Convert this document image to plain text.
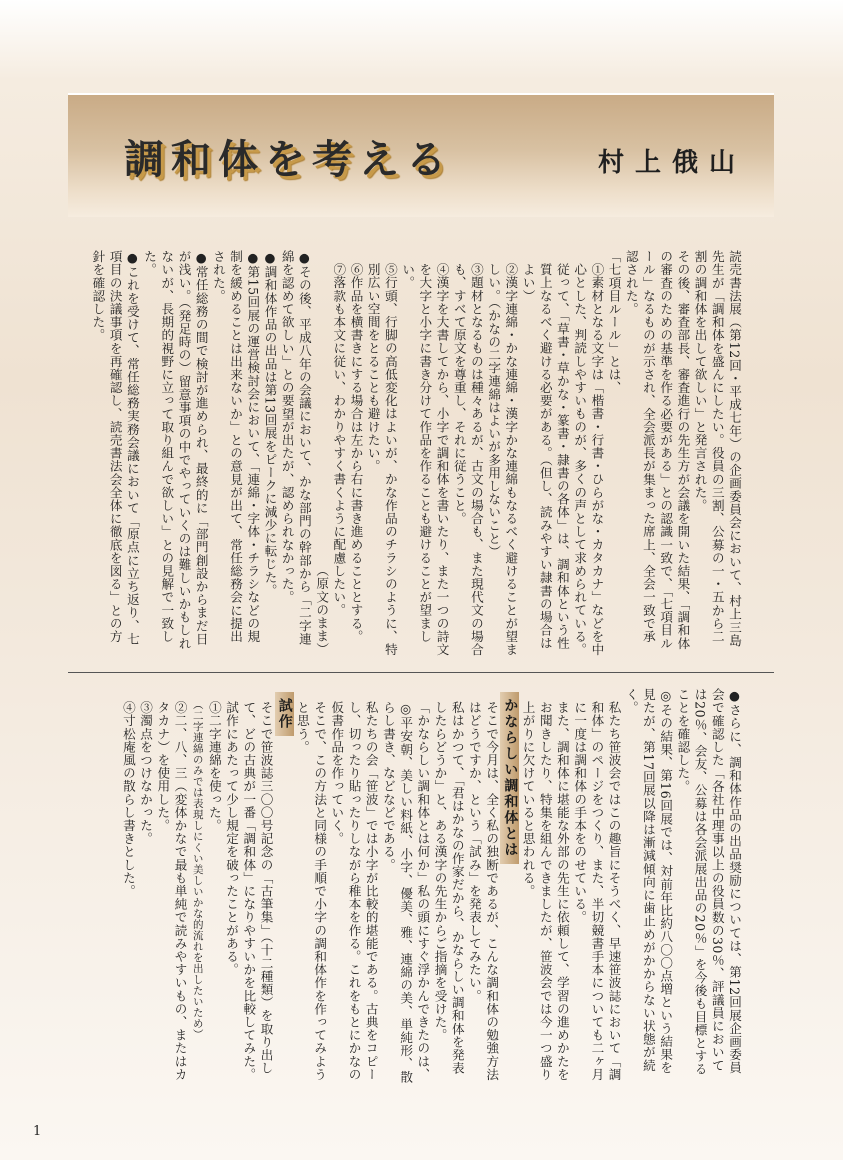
調和体を考える	村上俄山

読売書法展（第12回・平成七年）の企画委員会において、村上三島先生が「調和体を盛んにしたい。役員の三割、公募の一・五から二割の調和体を出して欲しい」と発言された。

その後、審査部長、審査進行の先生方が会議を開いた結果、「調和体の審査のための基準を作る必要がある」との認識一致で、「七項目ルール」なるものが示され、全会派長が集まった席上、全会一致で承認された。

「七項目ルール」とは、

①素材となる文字は「楷書・行書・ひらがな・カタカナ」などを中心とした、判読しやすいものが、多くの声として求められている。従って、「草書・草かな・篆書・隷書の各体」は、調和体という性質上なるべく避ける必要がある。（但し、読みやすい隷書の場合はよい）

②漢字連綿・かな連綿・漢字かな連綿もなるべく避けることが望ましい。（かなの二字連綿はよいが多用しないこと）

③題材となるものは種々あるが、古文の場合も、また現代文の場合も、すべて原文を尊重し、それに従うこと。

④漢字を大書してから、小字で調和体を書いたり、また一つの詩文を大字と小字に書き分けて作品を作ることも避けることが望ましい。

⑤行頭、行脚の高低変化はよいが、かな作品のチラシのように、特別広い空間をとることも避けたい。

⑥作品を横書きにする場合は左から右に書き進めることとする。

⑦落款も本文に従い、わかりやすく書くように配慮したい。

（原文のまま）

●その後、平成八年の会議において、かな部門の幹部から「二字連綿を認めて欲しい」との要望が出たが、認められなかった。

●調和体作品の出品は第13回展をピークに減少に転じた。

●第15回展の運営検討会において、「連綿・字体・チラシなどの規制を緩めることは出来ないか」との意見が出て、常任総務会に提出された。

●常任総務の間で検討が進められ、最終的に「部門創設からまだ日が浅い。（発足時の）留意事項の中でやっていくのは難しいかもしれないが、長期的視野に立って取り組んで欲しい」との見解で一致した。

●これを受けて、常任総務実務会議において「原点に立ち返り、七項目の決議事項を再確認し、読売書法会全体に徹底を図る」との方針を確認した。

●さらに、調和体作品の出品奨励については、第12回展企画委員会で確認した「各社中理事以上の役員数の30％、評議員においては20％、会友、公募は各会派展出品の20％」を今後も目標とすることを確認した。

◎その結果、第16回展では、対前年比約八〇〇点増という結果を見たが、第17回展以降は漸減傾向に歯止めがかからない状態が続く。

私たち笹波会ではこの趣旨にそうべく、早速笹波誌において「調和体」のページをつくり、また、半切競書手本についても二ヶ月に一度は調和体の手本をのせている。

また、調和体に堪能な外部の先生に依頼して、学習の進めかたをお聞きしたり、特集を組んできましたが、笹波会では今一つ盛り上がりに欠けていると思われる。

かならしい調和体とは

そこで今月は、全く私の独断であるが、こんな調和体の勉強方法はどうですか、という「試み」を発表してみたい。

私はかつて、「君はかなの作家だから、かならしい調和体を発表したらどうか」と、ある漢字の先生からご指摘を受けた。

「かならしい調和体とは何か」私の頭にすぐ浮かんできたのは、◎平安朝、美しい料紙、小字、優美、雅、連綿の美、単純形、散らし書き、などなどである。

私たちの会「笹波」では小字が比較的堪能である。古典をコピーし、切ったり貼ったりしながら稚本を作る。これをもとにかなの仮書作品を作っていく。

そこで、この方法と同様の手順で小字の調和体作を作ってみようと思う。

試作

そこで笹波誌三〇〇号記念の「古筆集」（十二種類）を取り出して、どの古典が一番「調和体」になりやすいかを比較してみた。

試作にあたって少し規定を破ったことがある。

①二字連綿を使った。

（二字連綿のみでは表現しにくい美しいかな的流れを出したいため）

②二、八、三（変体かなで最も単純で読みやすいもの、またはカタカナ）を使用した。

③濁点をつけなかった。

④寸松庵風の散らし書きとした。

1
